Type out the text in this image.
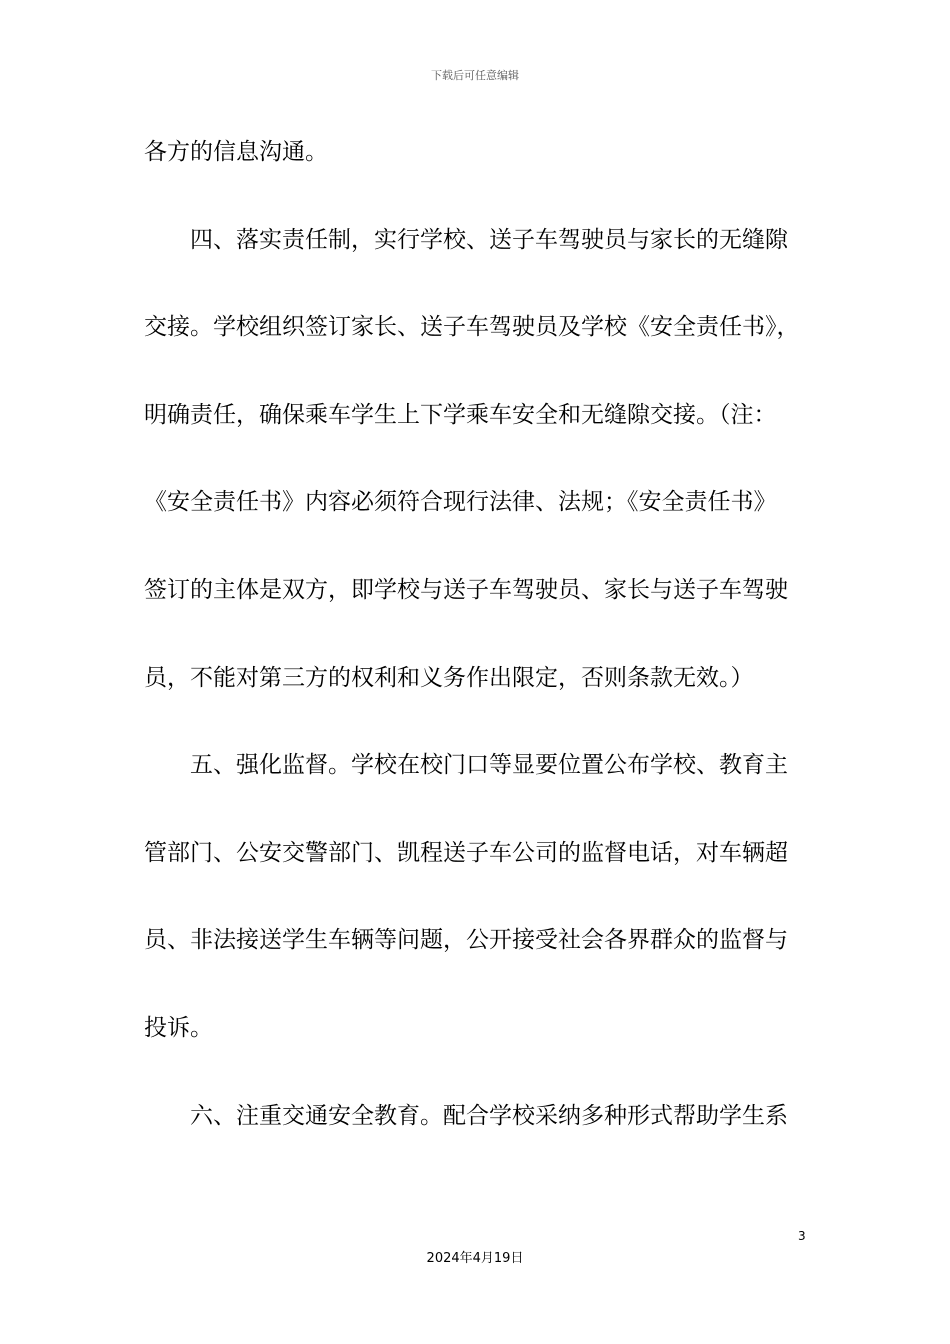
下载后可任意编辑
各方的信息沟通。
四、落实责任制，实行学校、送子车驾驶员与家长的无缝隙
交接。学校组织签订家长、送子车驾驶员及学校《安全责任书》，
明确责任，确保乘车学生上下学乘车安全和无缝隙交接。（注：
《安全责任书》内容必须符合现行法律、法规；《安全责任书》
签订的主体是双方，即学校与送子车驾驶员、家长与送子车驾驶
员，不能对第三方的权利和义务作出限定，否则条款无效。）
五、强化监督。学校在校门口等显要位置公布学校、教育主
管部门、公安交警部门、凯程送子车公司的监督电话，对车辆超
员、非法接送学生车辆等问题，公开接受社会各界群众的监督与
投诉。
六、注重交通安全教育。配合学校采纳多种形式帮助学生系
3
2024年4月19日
